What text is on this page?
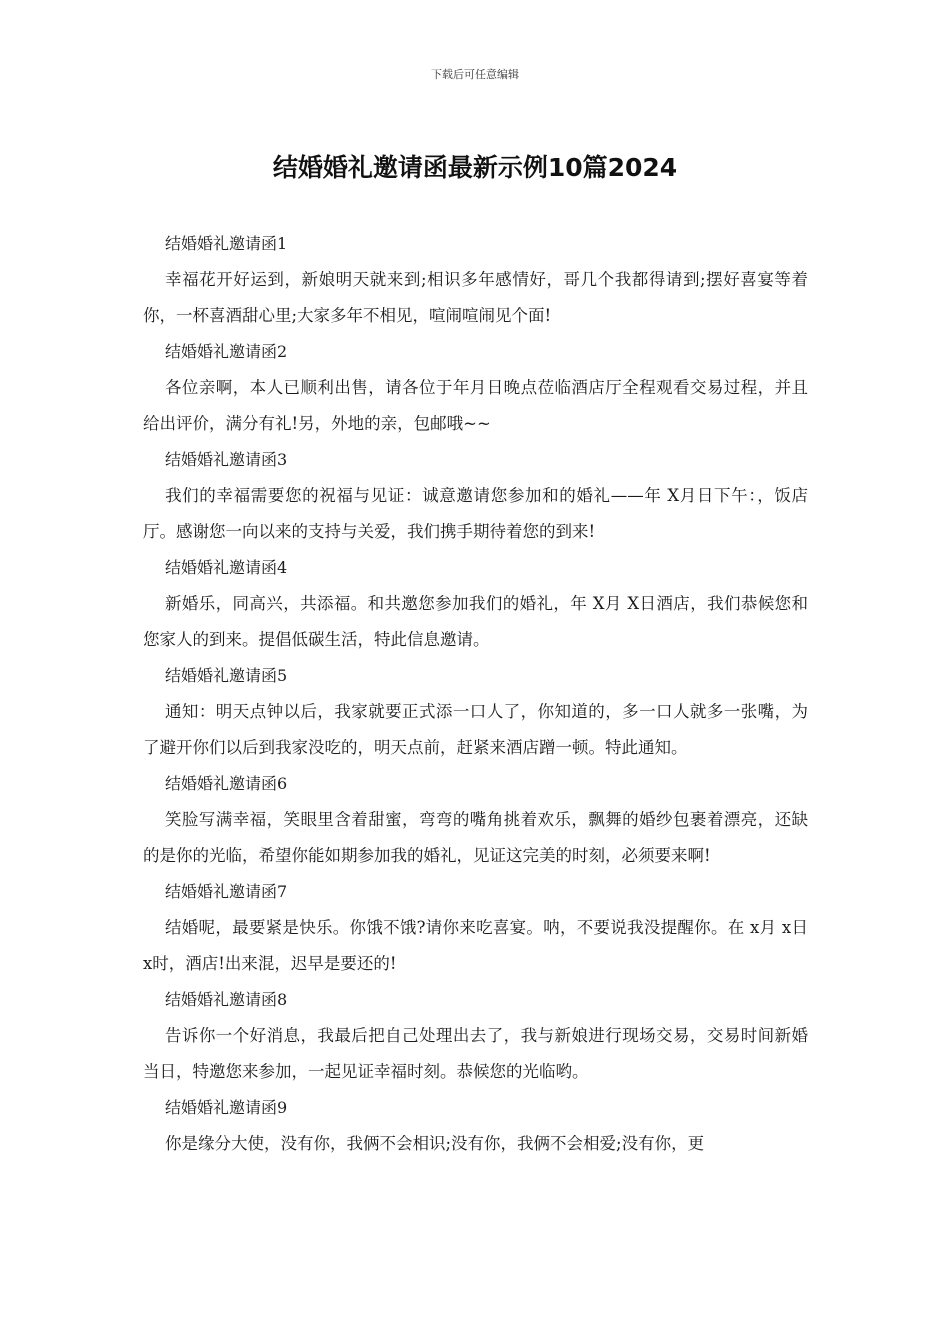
下载后可任意编辑
结婚婚礼邀请函最新示例10篇2024
结婚婚礼邀请函1

幸福花开好运到，新娘明天就来到;相识多年感情好，哥几个我都得请到;摆好喜宴等着你，一杯喜酒甜心里;大家多年不相见，喧闹喧闹见个面!

结婚婚礼邀请函2

各位亲啊，本人已顺利出售，请各位于年月日晚点莅临酒店厅全程观看交易过程，并且给出评价，满分有礼!另，外地的亲，包邮哦~~

结婚婚礼邀请函3

我们的幸福需要您的祝福与见证：诚意邀请您参加和的婚礼——年 X月日下午：，饭店厅。感谢您一向以来的支持与关爱，我们携手期待着您的到来!

结婚婚礼邀请函4

新婚乐，同高兴，共添福。和共邀您参加我们的婚礼，年 X月 X日酒店，我们恭候您和您家人的到来。提倡低碳生活，特此信息邀请。

结婚婚礼邀请函5

通知：明天点钟以后，我家就要正式添一口人了，你知道的，多一口人就多一张嘴，为了避开你们以后到我家没吃的，明天点前，赶紧来酒店蹭一顿。特此通知。

结婚婚礼邀请函6

笑脸写满幸福，笑眼里含着甜蜜，弯弯的嘴角挑着欢乐，飘舞的婚纱包裹着漂亮，还缺的是你的光临，希望你能如期参加我的婚礼，见证这完美的时刻，必须要来啊!

结婚婚礼邀请函7

结婚呢，最要紧是快乐。你饿不饿?请你来吃喜宴。呐，不要说我没提醒你。在 x月 x日 x时，酒店!出来混，迟早是要还的!

结婚婚礼邀请函8

告诉你一个好消息，我最后把自己处理出去了，我与新娘进行现场交易，交易时间新婚当日，特邀您来参加，一起见证幸福时刻。恭候您的光临哟。

结婚婚礼邀请函9

你是缘分大使，没有你，我俩不会相识;没有你，我俩不会相爱;没有你，更
